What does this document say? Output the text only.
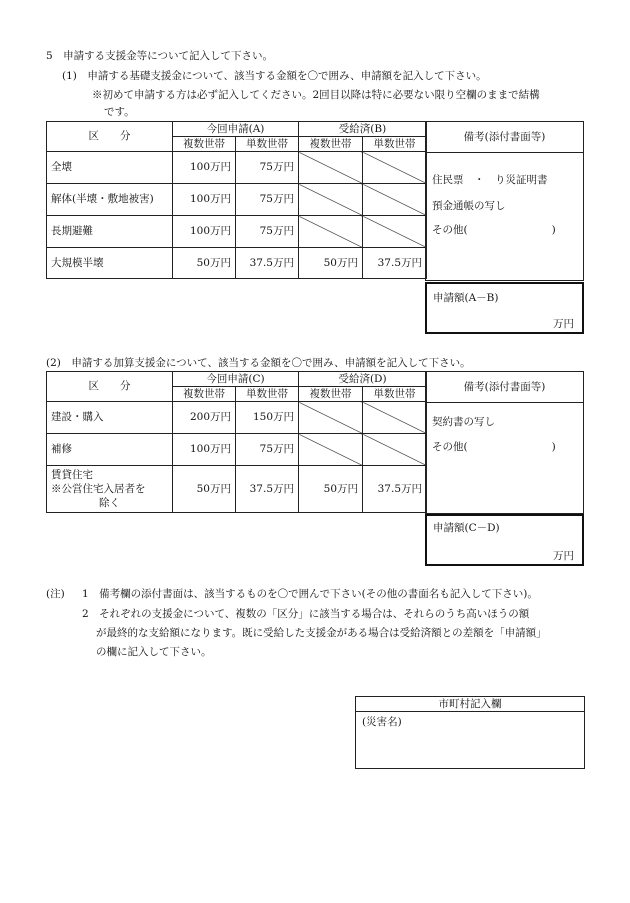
5　申請する支援金等について記入して下さい。
(1)　申請する基礎支援金について、該当する金額を〇で囲み、申請額を記入して下さい。
※初めて申請する方は必ず記入してください。2回目以降は特に必要ない限り空欄のままで結構
です。
区　　分	今回申請(A)		受給済(B)	
	複数世帯	単数世帯	複数世帯	単数世帯
全壊	100万円	75万円		
解体(半壊・敷地被害)	100万円	75万円		
長期避難	100万円	75万円		
大規模半壊	50万円	37.5万円	50万円	37.5万円
備考(添付書面等)
住民票　・　り災証明書
預金通帳の写し
その他(　　　　　　　　)
申請額(A－B)
万円
(2)　申請する加算支援金について、該当する金額を〇で囲み、申請額を記入して下さい。
区　　分	今回申請(C)		受給済(D)	
	複数世帯	単数世帯	複数世帯	単数世帯
建設・購入	200万円	150万円		
補修	100万円	75万円		

賃貸住宅
※公営住宅入居者を
除く	50万円	37.5万円	50万円	37.5万円
備考(添付書面等)
契約書の写し
その他(　　　　　　　　)
申請額(C－D)
万円
(注) 1　備考欄の添付書面は、該当するものを〇で囲んで下さい(その他の書面名も記入して下さい)。
2　それぞれの支援金について、複数の「区分」に該当する場合は、それらのうち高いほうの額
が最終的な支給額になります。既に受給した支援金がある場合は受給済額との差額を「申請額」
の欄に記入して下さい。
市町村記入欄
(災害名)
